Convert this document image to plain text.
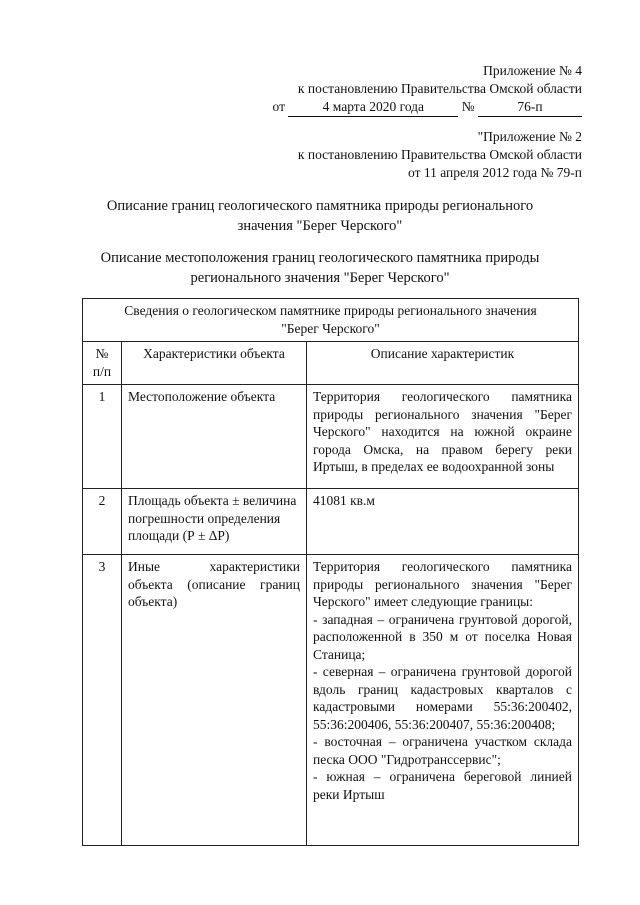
Приложение № 4
к постановлению Правительства Омской области
от	4 марта 2020 года	№	76-п
"Приложение № 2
к постановлению Правительства Омской области
от 11 апреля 2012 года № 79-п
Описание границ геологического памятника природы регионального
значения "Берег Черского"
Описание местоположения границ геологического памятника природы
регионального значения "Берег Черского"
Сведения о геологическом памятнике природы регионального значения
"Берег Черского"		

№ п/п	Характеристики объекта	Описание характеристик
1	Местоположение объекта	Территория геологического памятника природы регионального значения "Берег Черского" находится на южной окраине города Омска, на правом берегу реки Иртыш, в пределах ее водоохранной зоны
2	Площадь объекта ± величина погрешности определения площади (Р ± ΔР)	41081 кв.м
3	Иные характеристики объекта (описание границ объекта)	Территория геологического памятника природы регионального значения "Берег Черского" имеет следующие границы:
- западная – ограничена грунтовой дорогой, расположенной в 350 м от поселка Новая Станица;
- северная – ограничена грунтовой дорогой вдоль границ кадастровых кварталов с кадастровыми номерами 55:36:200402, 55:36:200406, 55:36:200407, 55:36:200408;
- восточная – ограничена участком склада песка ООО "Гидротранссервис";
- южная – ограничена береговой линией реки Иртыш
